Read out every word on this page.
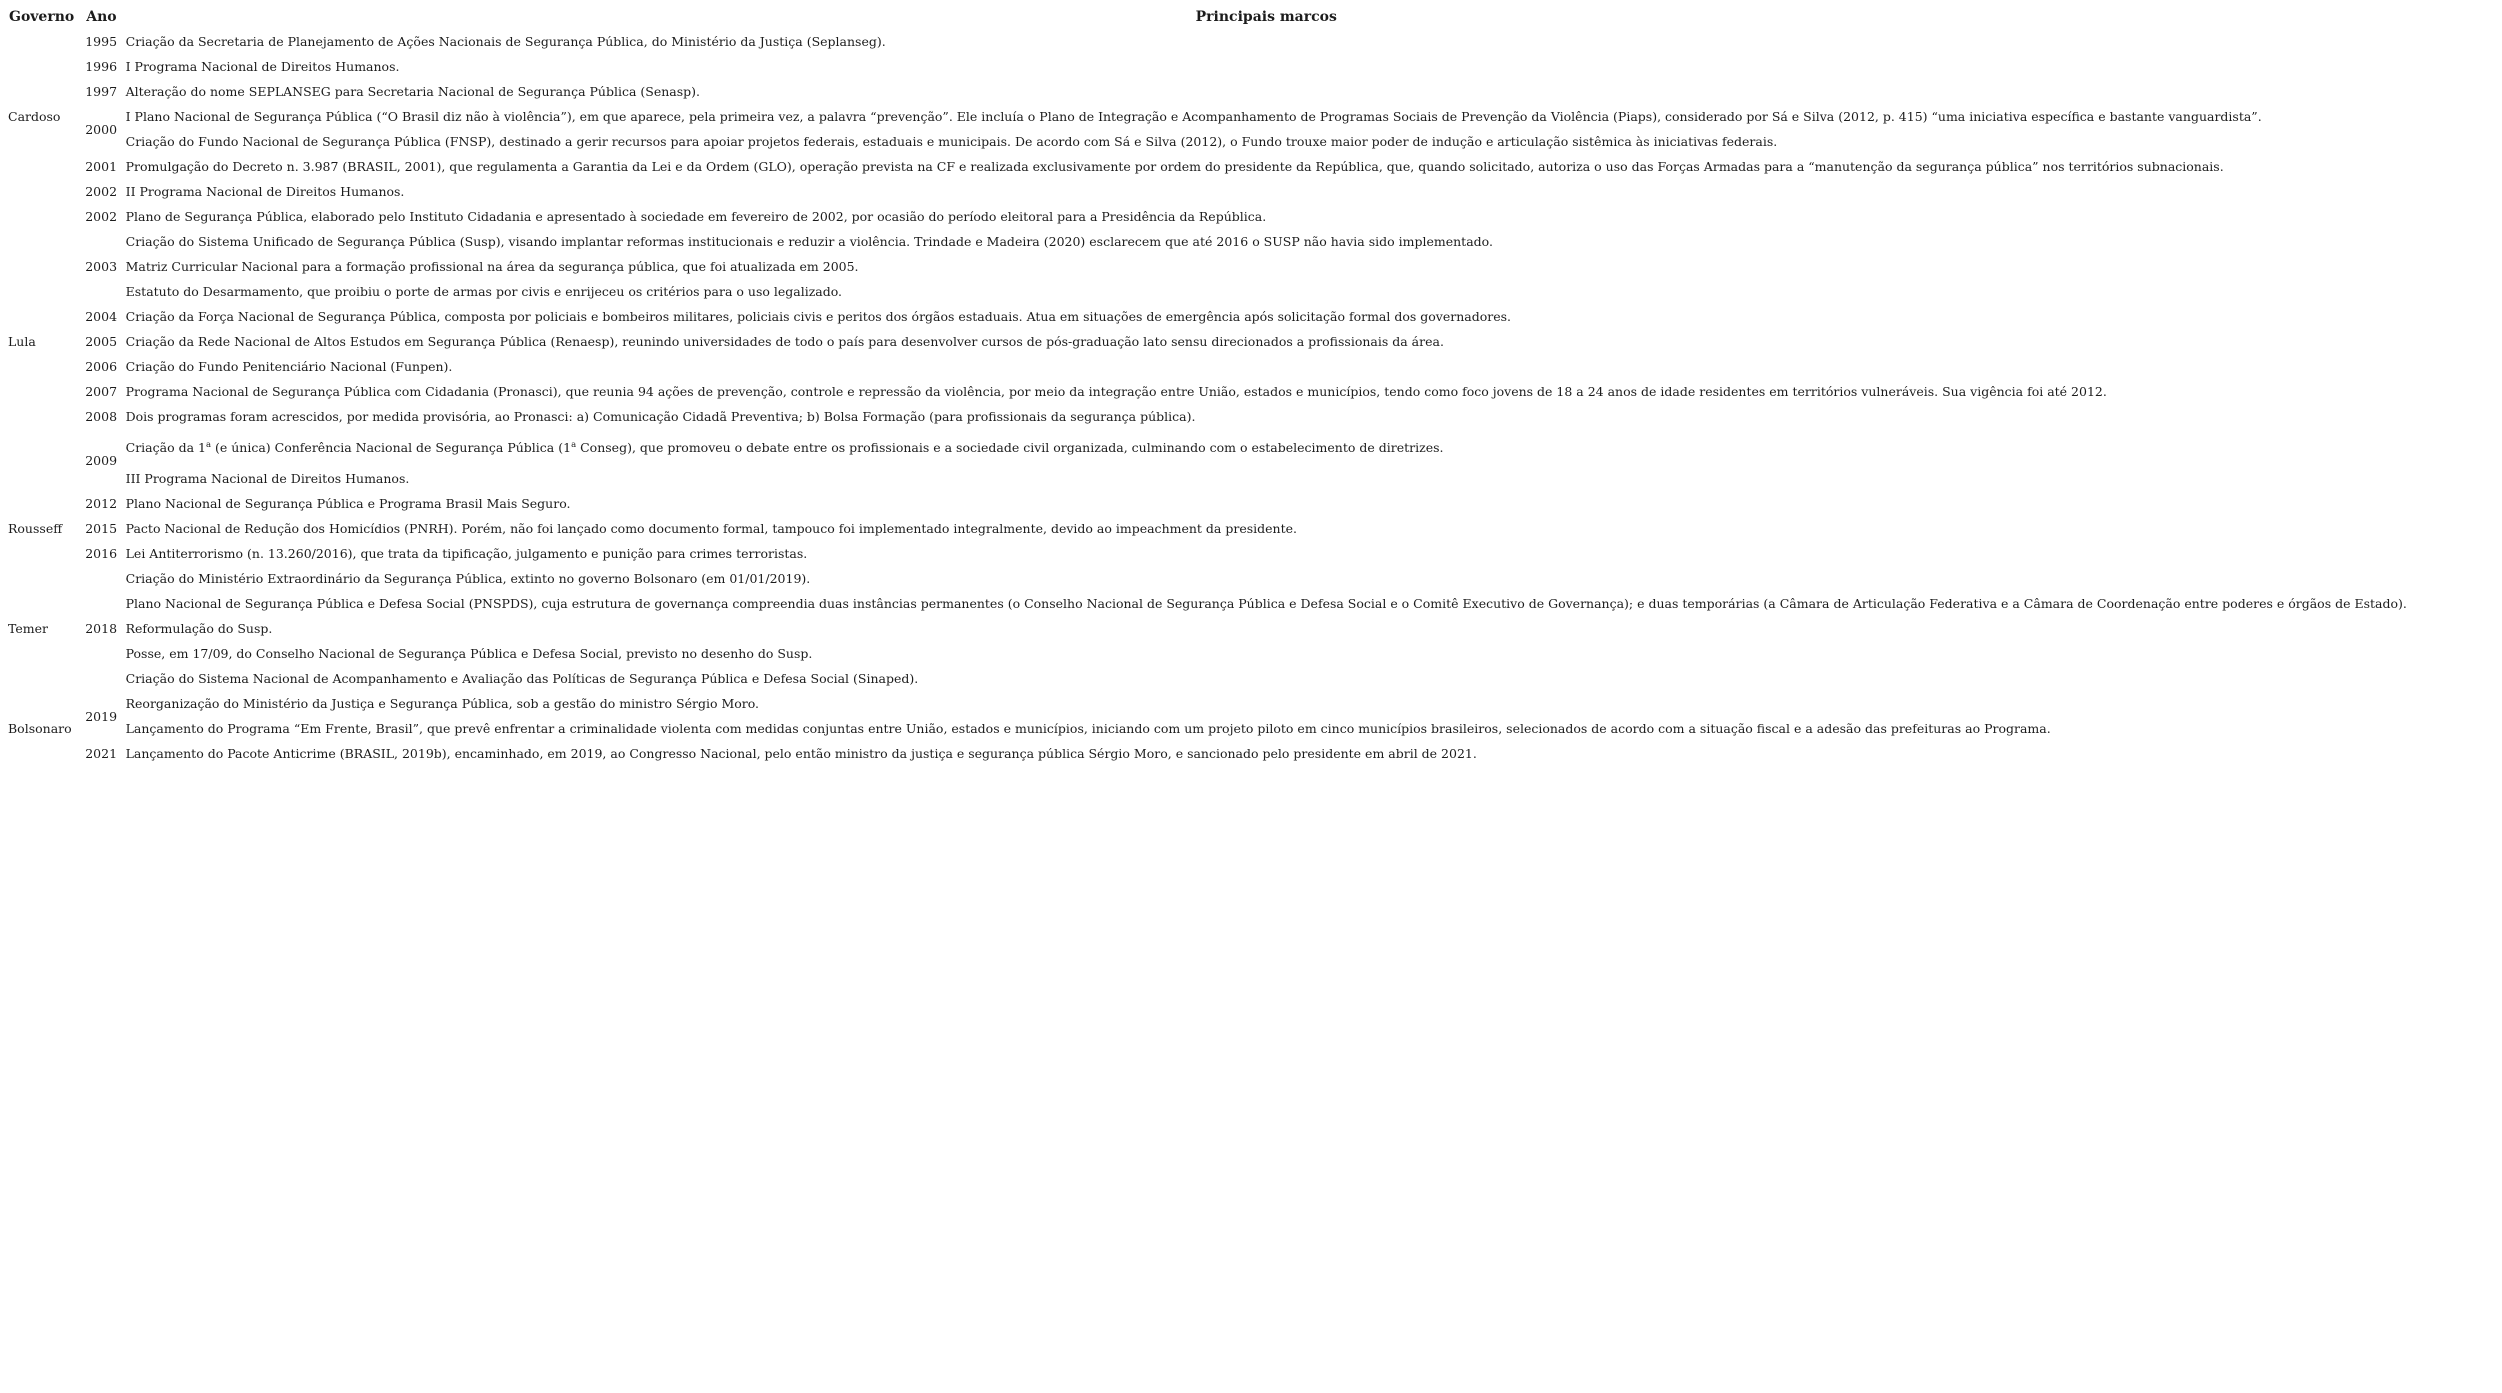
Governo	Ano	Principais marcos
	1995	Criação da Secretaria de Planejamento de Ações Nacionais de Segurança Pública, do Ministério da Justiça (Seplanseg).
	1996	I Programa Nacional de Direitos Humanos.
	1997	Alteração do nome SEPLANSEG para Secretaria Nacional de Segurança Pública (Senasp).
Cardoso	2000	I Plano Nacional de Segurança Pública (“O Brasil diz não à violência”), em que aparece, pela primeira vez, a palavra “prevenção”. Ele incluía o Plano de Integração e Acompanhamento de Programas Sociais de Prevenção da Violência (Piaps), considerado por Sá e Silva (2012, p. 415) “uma iniciativa específica e bastante vanguardista”.
		Criação do Fundo Nacional de Segurança Pública (FNSP), destinado a gerir recursos para apoiar projetos federais, estaduais e municipais. De acordo com Sá e Silva (2012), o Fundo trouxe maior poder de indução e articulação sistêmica às iniciativas federais.
	2001	Promulgação do Decreto n. 3.987 (BRASIL, 2001), que regulamenta a Garantia da Lei e da Ordem (GLO), operação prevista na CF e realizada exclusivamente por ordem do presidente da República, que, quando solicitado, autoriza o uso das Forças Armadas para a “manutenção da segurança pública” nos territórios subnacionais.
	2002	II Programa Nacional de Direitos Humanos.
	2002	Plano de Segurança Pública, elaborado pelo Instituto Cidadania e apresentado à sociedade em fevereiro de 2002, por ocasião do período eleitoral para a Presidência da República.
		Criação do Sistema Unificado de Segurança Pública (Susp), visando implantar reformas institucionais e reduzir a violência. Trindade e Madeira (2020) esclarecem que até 2016 o SUSP não havia sido implementado.
	2003	Matriz Curricular Nacional para a formação profissional na área da segurança pública, que foi atualizada em 2005.
		Estatuto do Desarmamento, que proibiu o porte de armas por civis e enrijeceu os critérios para o uso legalizado.
	2004	Criação da Força Nacional de Segurança Pública, composta por policiais e bombeiros militares, policiais civis e peritos dos órgãos estaduais. Atua em situações de emergência após solicitação formal dos governadores.
Lula	2005	Criação da Rede Nacional de Altos Estudos em Segurança Pública (Renaesp), reunindo universidades de todo o país para desenvolver cursos de pós-graduação lato sensu direcionados a profissionais da área.
	2006	Criação do Fundo Penitenciário Nacional (Funpen).
	2007	Programa Nacional de Segurança Pública com Cidadania (Pronasci), que reunia 94 ações de prevenção, controle e repressão da violência, por meio da integração entre União, estados e municípios, tendo como foco jovens de 18 a 24 anos de idade residentes em territórios vulneráveis. Sua vigência foi até 2012.
	2008	Dois programas foram acrescidos, por medida provisória, ao Pronasci: a) Comunicação Cidadã Preventiva; b) Bolsa Formação (para profissionais da segurança pública).
	2009	Criação da 1$^a$ (e única) Conferência Nacional de Segurança Pública (1$^a$ Conseg), que promoveu o debate entre os profissionais e a sociedade civil organizada, culminando com o estabelecimento de diretrizes.
		III Programa Nacional de Direitos Humanos.
	2012	Plano Nacional de Segurança Pública e Programa Brasil Mais Seguro.
Rousseff	2015	Pacto Nacional de Redução dos Homicídios (PNRH). Porém, não foi lançado como documento formal, tampouco foi implementado integralmente, devido ao impeachment da presidente.
	2016	Lei Antiterrorismo (n. 13.260/2016), que trata da tipificação, julgamento e punição para crimes terroristas.
		Criação do Ministério Extraordinário da Segurança Pública, extinto no governo Bolsonaro (em 01/01/2019).
		Plano Nacional de Segurança Pública e Defesa Social (PNSPDS), cuja estrutura de governança compreendia duas instâncias permanentes (o Conselho Nacional de Segurança Pública e Defesa Social e o Comitê Executivo de Governança); e duas temporárias (a Câmara de Articulação Federativa e a Câmara de Coordenação entre poderes e órgãos de Estado).
Temer	2018	Reformulação do Susp.
		Posse, em 17/09, do Conselho Nacional de Segurança Pública e Defesa Social, previsto no desenho do Susp.
		Criação do Sistema Nacional de Acompanhamento e Avaliação das Políticas de Segurança Pública e Defesa Social (Sinaped).
	2019	Reorganização do Ministério da Justiça e Segurança Pública, sob a gestão do ministro Sérgio Moro.
Bolsonaro		Lançamento do Programa “Em Frente, Brasil”, que prevê enfrentar a criminalidade violenta com medidas conjuntas entre União, estados e municípios, iniciando com um projeto piloto em cinco municípios brasileiros, selecionados de acordo com a situação fiscal e a adesão das prefeituras ao Programa.
	2021	Lançamento do Pacote Anticrime (BRASIL, 2019b), encaminhado, em 2019, ao Congresso Nacional, pelo então ministro da justiça e segurança pública Sérgio Moro, e sancionado pelo presidente em abril de 2021.
